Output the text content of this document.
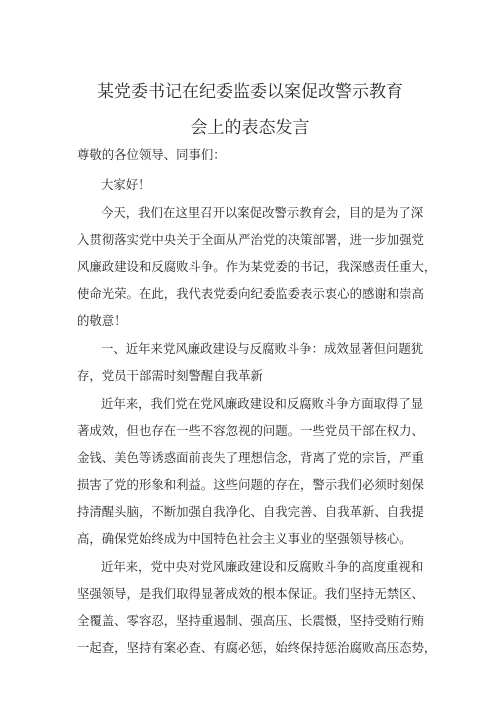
某党委书记在纪委监委以案促改警示教育
会上的表态发言
尊敬的各位领导、同事们：
大家好！
今天，我们在这里召开以案促改警示教育会，目的是为了深
入贯彻落实党中央关于全面从严治党的决策部署，进一步加强党
风廉政建设和反腐败斗争。作为某党委的书记，我深感责任重大，
使命光荣。在此，我代表党委向纪委监委表示衷心的感谢和崇高
的敬意！
一、近年来党风廉政建设与反腐败斗争：成效显著但问题犹
存，党员干部需时刻警醒自我革新
近年来，我们党在党风廉政建设和反腐败斗争方面取得了显
著成效，但也存在一些不容忽视的问题。一些党员干部在权力、
金钱、美色等诱惑面前丧失了理想信念，背离了党的宗旨，严重
损害了党的形象和利益。这些问题的存在，警示我们必须时刻保
持清醒头脑，不断加强自我净化、自我完善、自我革新、自我提
高，确保党始终成为中国特色社会主义事业的坚强领导核心。
近年来，党中央对党风廉政建设和反腐败斗争的高度重视和
坚强领导，是我们取得显著成效的根本保证。我们坚持无禁区、
全覆盖、零容忍，坚持重遏制、强高压、长震慑，坚持受贿行贿
一起查，坚持有案必查、有腐必惩，始终保持惩治腐败高压态势，
